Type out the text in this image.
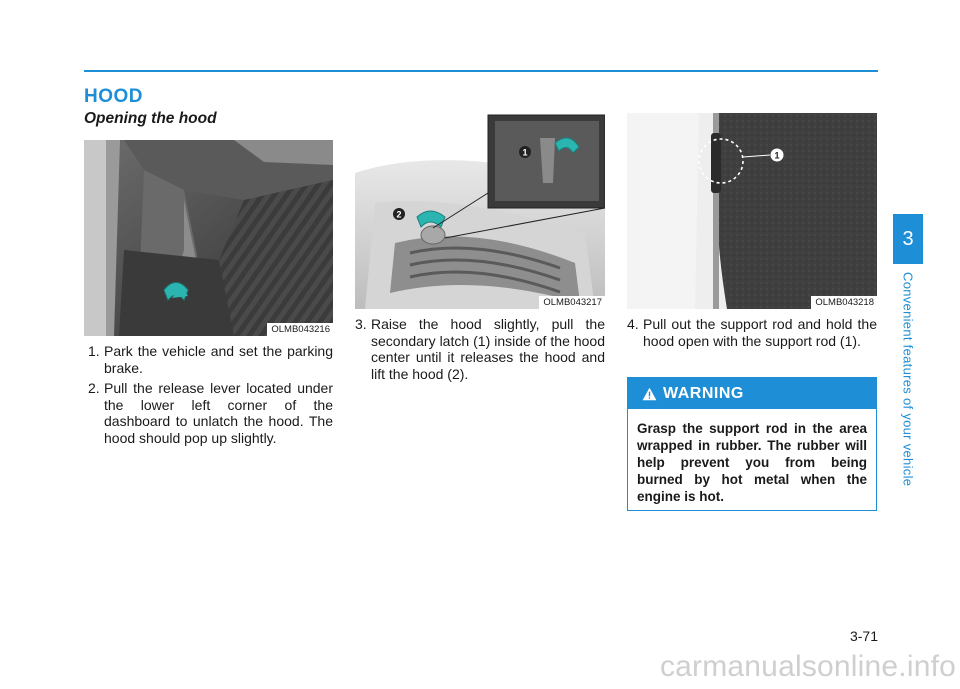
HOOD
Opening the hood
OLMB043216
2
1
OLMB043217
1
OLMB043218
1. Park the vehicle and set the parking brake.
2. Pull the release lever located under the lower left corner of the dashboard to unlatch the hood. The hood should pop up slightly.
3. Raise the hood slightly, pull the secondary latch (1) inside of the hood center until it releases the hood and lift the hood (2).
4. Pull out the support rod and hold the hood open with the support rod (1).
WARNING
Grasp the support rod in the area wrapped in rubber. The rubber will help prevent you from being burned by hot metal when the engine is hot.
3
Convenient features of your vehicle
3-71
carmanualsonline.info
